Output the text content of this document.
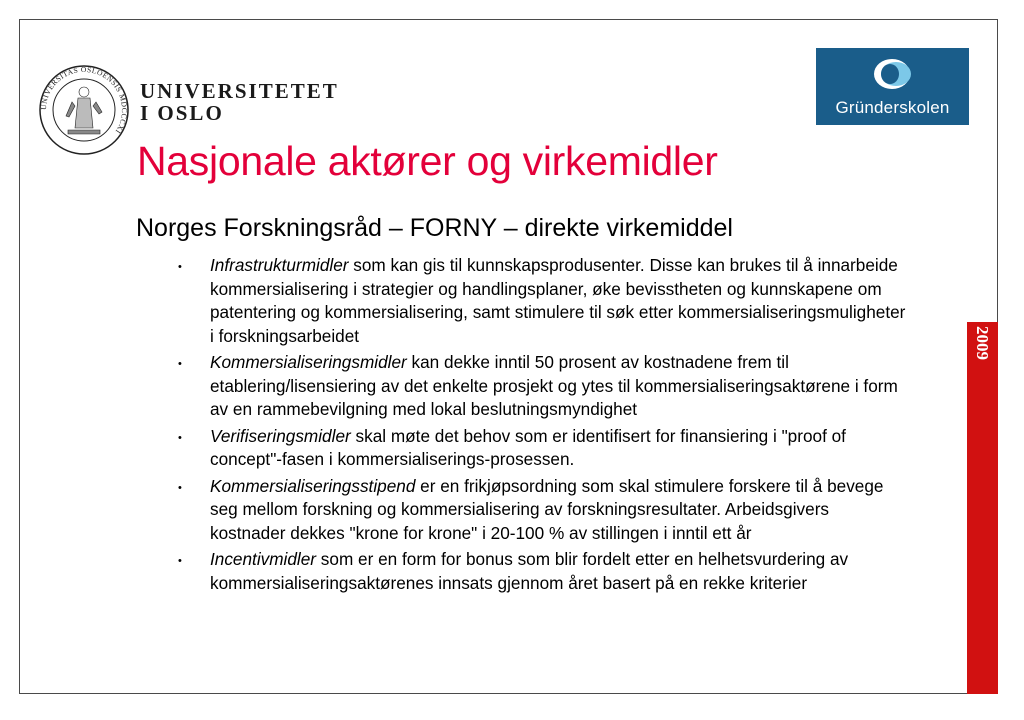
UNIVERSITAS OSLOENSIS MDCCCXI
UNIVERSITETET
I OSLO	Gründerskolen
Nasjonale aktører og virkemidler
Norges Forskningsråd – FORNY – direkte virkemiddel
•	Infrastrukturmidler som kan gis til kunnskapsprodusenter. Disse kan brukes til å innarbeide kommersialisering i strategier og handlingsplaner, øke bevisstheten og kunnskapene om patentering og kommersialisering, samt stimulere til søk etter kommersialiseringsmuligheter i forskningsarbeidet
•	Kommersialiseringsmidler kan dekke inntil 50 prosent av kostnadene frem til etablering/lisensiering av det enkelte prosjekt og ytes til kommersialiseringsaktørene i form av en rammebevilgning med lokal beslutningsmyndighet
•	Verifiseringsmidler skal møte det behov som er identifisert for finansiering i "proof of concept"-fasen i kommersialiserings-prosessen.
•	Kommersialiseringsstipend er en frikjøpsordning som skal stimulere forskere til å bevege seg mellom forskning og kommersialisering av forskningsresultater. Arbeidsgivers kostnader dekkes "krone for krone" i 20-100 % av stillingen i inntil ett år
•	Incentivmidler som er en form for bonus som blir fordelt etter en helhetsvurdering av kommersialiseringsaktørenes innsats gjennom året basert på en rekke kriterier
2009
